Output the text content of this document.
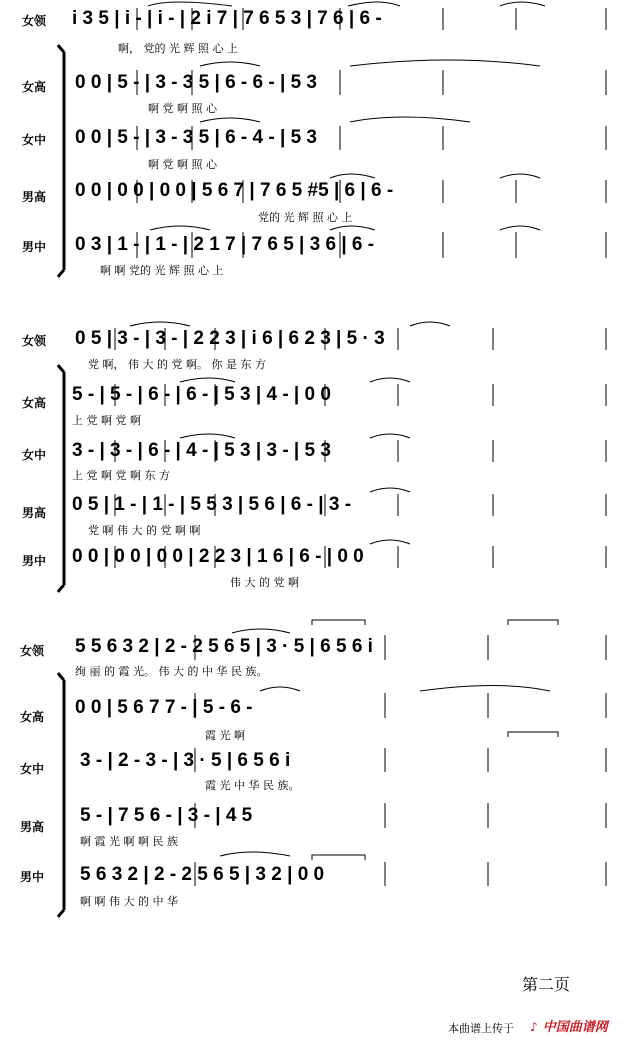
女领 i 3 5 | i - | i - | 2 i 7 | 7 6 5 3 | 7 6 | 6 -
啊， 党的 光 辉 照 心 上
女高 0 0 | 5 - | 3 - 3 5 | 6 - 6 - | 5 3
啊 党 啊 照 心
女中 0 0 | 5 - | 3 - 3 5 | 6 - 4 - | 5 3
啊 党 啊 照 心
男高 0 0 | 0 0 | 0 0 | 5 6 7 | 7 6 5 #5 | 6 | 6 -
党的 光 辉 照 心 上
男中 0 3 | 1 - | 1 - | 2 1 7 | 7 6 5 | 3 6 | 6 -
啊 啊 党的 光 辉 照 心 上
女领 0 5 | 3 - | 3 - | 2 2 3 | i 6 | 6 2 3 | 5 · 3
党 啊， 伟 大 的 党 啊。 你 是 东 方
女高 5 - | 5 - | 6 - | 6 - | 5 3 | 4 - | 0 0
上 党 啊 党 啊
女中 3 - | 3 - | 6 - | 4 - | 5 3 | 3 - | 5 3
上 党 啊 党 啊 东 方
男高 0 5 | 1 - | 1 - | 5 5 3 | 5 6 | 6 - | 3 -
党 啊 伟 大 的 党 啊 啊
男中 0 0 | 0 0 | 0 0 | 2 2 3 | 1 6 | 6 - | 0 0
伟 大 的 党 啊
女领 5 5 6 3 2 | 2 - 2 5 6 5 | 3 · 5 | 6 5 6 i
绚 丽 的 霞 光。 伟 大 的 中 华 民 族。
女高 0 0 | 5 6 7 7 - | 5 - 6 -
霞 光 啊
女中 3 - | 2 - 3 - | 3 · 5 | 6 5 6 i
霞 光 中 华 民 族。
男高
5 - | 7 5 6 - | 3 - | 4 5
啊 霞 光 啊 啊 民 族
男中 5 6 3 2 | 2 - 2 5 6 5 | 3 2 | 0 0
啊 啊 伟 大 的 中 华
第二页
本曲谱上传于 ♪ 中国曲谱网
